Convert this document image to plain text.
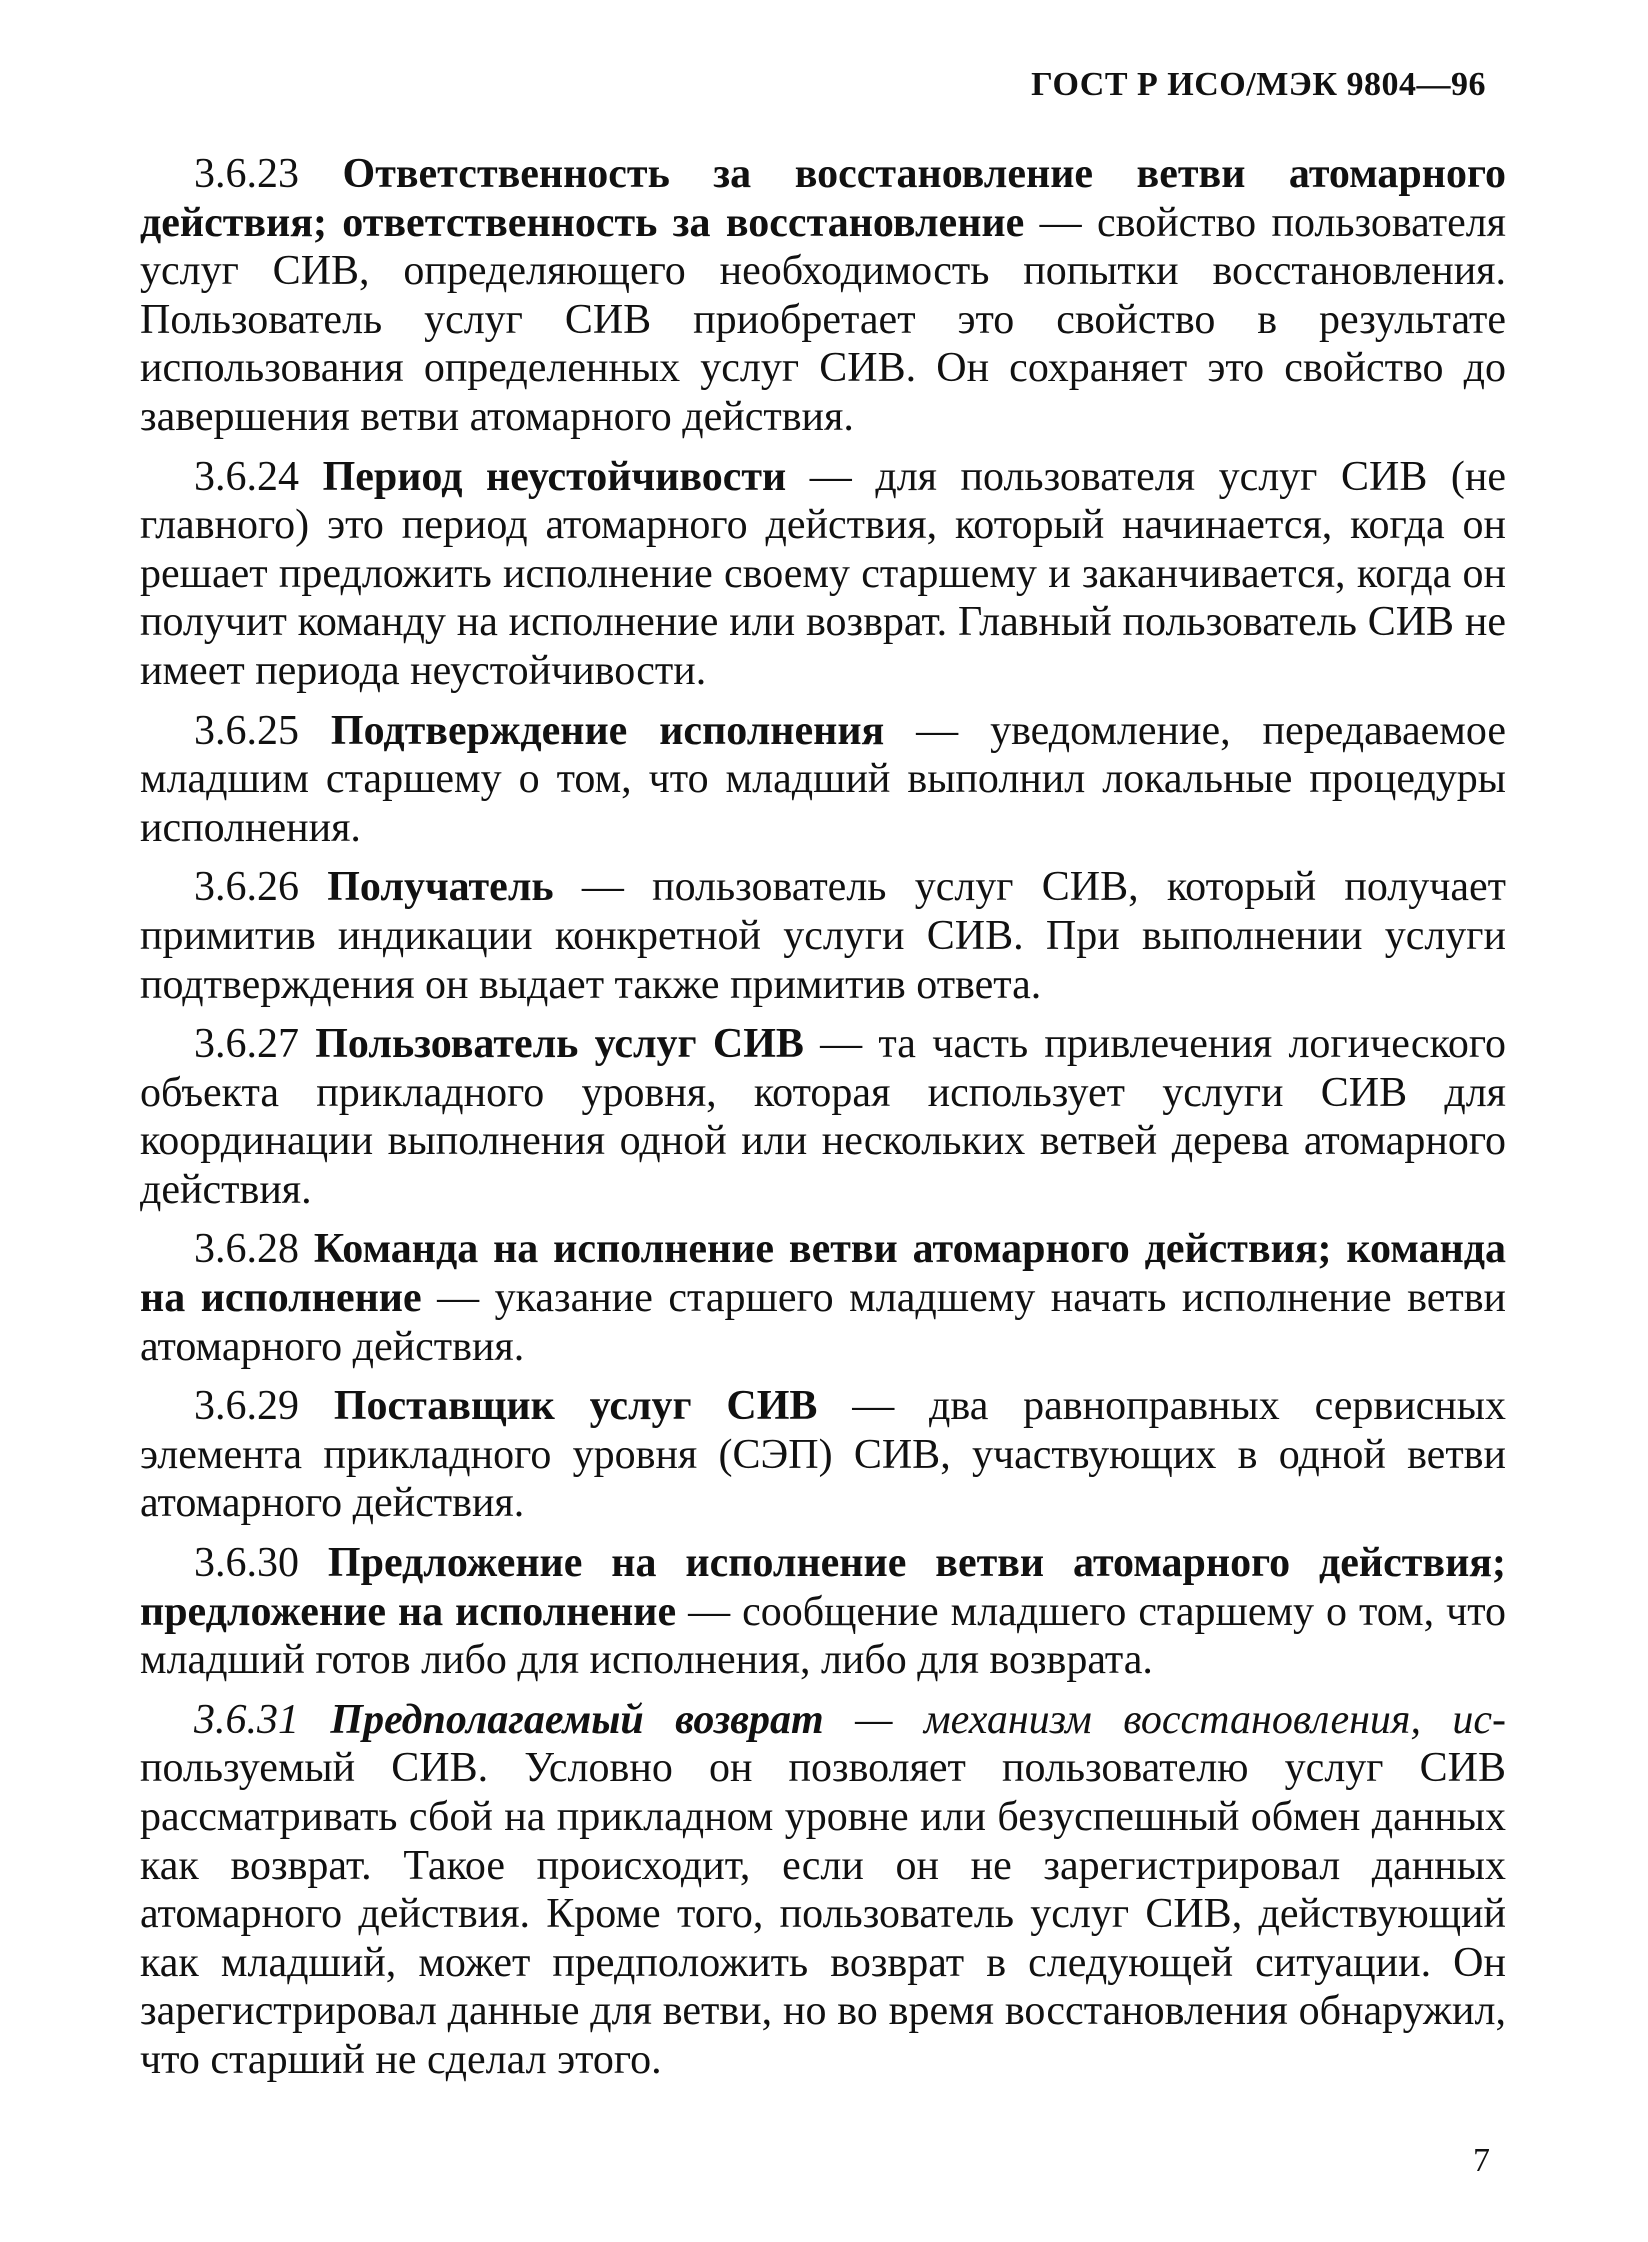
ГОСТ Р ИСО/МЭК 9804—96

3.6.23 Ответственность за восстановление ветви атомарного действия; ответственность за восстановление — свойство пользователя услуг СИВ, определяющего необходимость попытки восстановления. Пользователь услуг СИВ приобретает это свойство в результате использования определенных услуг СИВ. Он сохраняет это свойство до завершения ветви атомарного действия.

3.6.24 Период неустойчивости — для пользователя услуг СИВ (не главного) это период атомарного действия, который начинается, когда он решает предложить исполнение своему старшему и заканчивается, когда он получит команду на исполнение или возврат. Главный пользователь СИВ не имеет периода неустойчивости.

3.6.25 Подтверждение исполнения — уведомление, передаваемое младшим старшему о том, что младший выполнил локальные процедуры исполнения.

3.6.26 Получатель — пользователь услуг СИВ, который получает примитив индикации конкретной услуги СИВ. При выполнении услуги подтверждения он выдает также примитив ответа.

3.6.27 Пользователь услуг СИВ — та часть привлечения логического объекта прикладного уровня, которая использует услуги СИВ для координации выполнения одной или нескольких ветвей дерева атомарного действия.

3.6.28 Команда на исполнение ветви атомарного действия; команда на исполнение — указание старшего младшему начать исполнение ветви атомарного действия.

3.6.29 Поставщик услуг СИВ — два равноправных сервисных элемента прикладного уровня (СЭП) СИВ, участвующих в одной ветви атомарного действия.

3.6.30 Предложение на исполнение ветви атомарного действия; предложение на исполнение — сообщение младшего старшему о том, что младший готов либо для исполнения, либо для возврата.

3.6.31 Предполагаемый возврат — механизм восстановления, ис-пользуемый СИВ. Условно он позволяет пользователю услуг СИВ рассматривать сбой на прикладном уровне или безуспешный обмен данных как возврат. Такое происходит, если он не зарегистрировал данных атомарного действия. Кроме того, пользователь услуг СИВ, действующий как младший, может предположить возврат в следующей ситуации. Он зарегистрировал данные для ветви, но во время восстановления обнаружил, что старший не сделал этого.

7
